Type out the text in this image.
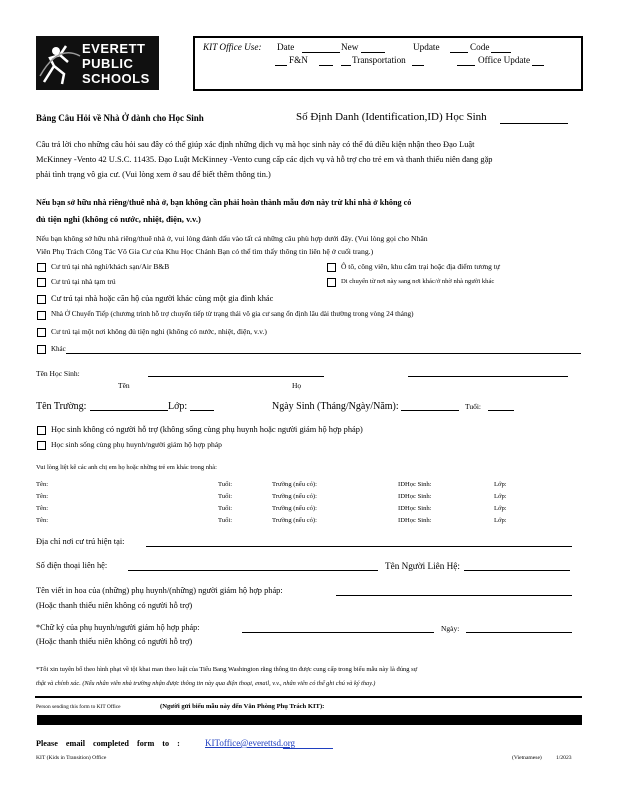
EVERETT
PUBLIC
SCHOOLS
KIT Office Use: Date	New	Update	Code
F&N	Transportation	Office Update
Bảng Câu Hỏi về Nhà Ở dành cho Học Sinh	Số Định Danh (Identification,ID) Học Sinh
Câu trả lời cho những câu hỏi sau đây có thể giúp xác định những dịch vụ mà học sinh này có thể đủ điều kiện nhận theo Đạo Luật
McKinney -Vento 42 U.S.C. 11435. Đạo Luật McKinney -Vento cung cấp các dịch vụ và hỗ trợ cho trẻ em và thanh thiếu niên đang gặp
phải tình trạng vô gia cư. (Vui lòng xem ở sau để biết thêm thông tin.)
Nếu bạn sở hữu nhà riêng/thuê nhà ở, bạn không cần phải hoàn thành mẫu đơn này trừ khi nhà ở không có
đủ tiện nghi (không có nước, nhiệt, điện, v.v.)
Nếu bạn không sở hữu nhà riêng/thuê nhà ở, vui lòng đánh dấu vào tất cả những câu phù hợp dưới đây. (Vui lòng gọi cho Nhân
Viên Phụ Trách Công Tác Vô Gia Cư của Khu Học Chánh Bạn có thể tìm thấy thông tin liên hệ ở cuối trang.)
Cư trú tại nhà nghỉ/khách sạn/Air B&B	Ô tô, công viên, khu cắm trại hoặc địa điểm tương tự
Cư trú tại nhà tạm trú	Di chuyển từ nơi này sang nơi khác/ở nhờ nhà người khác
Cư trú tại nhà hoặc căn hộ của người khác cùng một gia đình khác
Nhà Ở Chuyển Tiếp (chương trình hỗ trợ chuyển tiếp từ trạng thái vô gia cư sang ổn định lâu dài thường trong vòng 24 tháng)
Cư trú tại một nơi không đủ tiện nghi (không có nước, nhiệt, điện, v.v.)
Khác
Tên Học Sinh:
Tên	Họ
Tên Trường:	Lớp:	Ngày Sinh (Tháng/Ngày/Năm):	Tuổi:
Học sinh không có người hỗ trợ (không sống cùng phụ huynh hoặc người giám hộ hợp pháp)
Học sinh sống cùng phụ huynh/người giám hộ hợp pháp
Vui lòng liệt kê các anh chị em họ hoặc những trẻ em khác trong nhà:
Tên:	Tuổi:	Trường (nếu có):	IDHọc Sinh:	Lớp:
Tên:	Tuổi:	Trường (nếu có):	IDHọc Sinh:	Lớp:
Tên:	Tuổi:	Trường (nếu có):	IDHọc Sinh:	Lớp:
Tên:	Tuổi:	Trường (nếu có):	IDHọc Sinh:	Lớp:
Địa chỉ nơi cư trú hiện tại:
Số điện thoại liên hệ:	Tên Người Liên Hệ:
Tên viết in hoa của (những) phụ huynh/(những) người giám hộ hợp pháp:
(Hoặc thanh thiếu niên không có người hỗ trợ)
*Chữ ký của phụ huynh/người giám hộ hợp pháp:	Ngày:
(Hoặc thanh thiếu niên không có người hỗ trợ)
*Tôi xin tuyên bố theo hình phạt về tội khai man theo luật của Tiểu Bang Washington rằng thông tin được cung cấp trong biểu mẫu này là đúng sự
thật và chính xác. (Nếu nhân viên nhà trường nhận được thông tin này qua điện thoại, email, v.v., nhân viên có thể ghi chú và ký thay.)
Person sending this form to KIT Office	(Người gửi biểu mẫu này đến Văn Phòng Phụ Trách KIT):
Please email completed form to :	KIToffice@everettsd.org
KIT (Kids in Transition) Office	(Vietnamese)	1/2023
